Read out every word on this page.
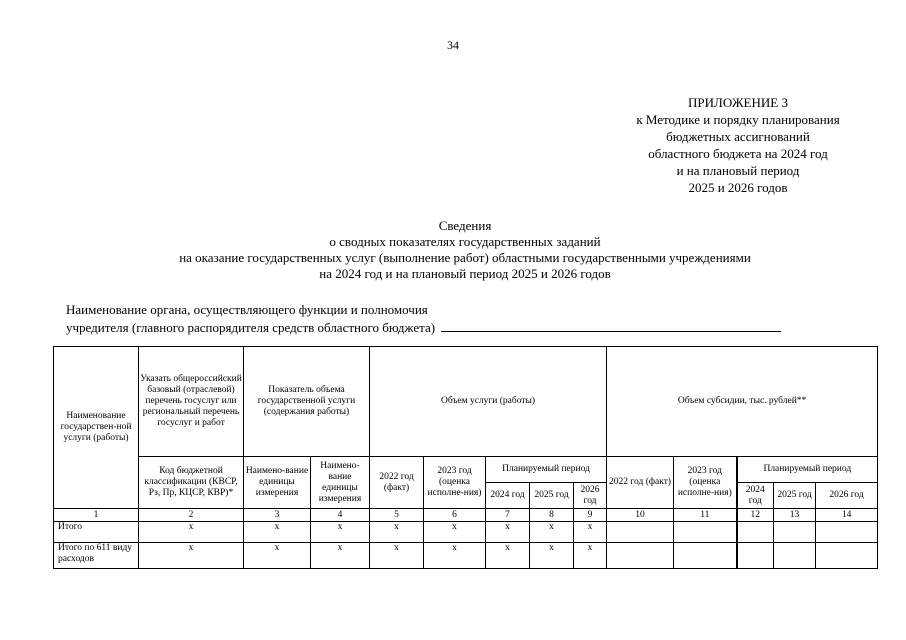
34
ПРИЛОЖЕНИЕ 3
к Методике и порядку планирования
бюджетных ассигнований
областного бюджета на 2024 год
и на плановый период
2025 и 2026 годов
Сведения
о сводных показателях государственных заданий
на оказание государственных услуг (выполнение работ) областными государственными учреждениями
на 2024 год и на плановый период 2025 и 2026 годов
Наименование органа, осуществляющего функции и полномочия
учредителя (главного распорядителя средств областного бюджета)
Наименование государствен-ной услуги (работы)	Указать общероссийский базовый (отраслевой) перечень госуслуг или региональный перечень госуслуг и работ	Показатель объема государственной услуги (содержания работы)		Объем услуги (работы)					Объем субсидии, тыс. рублей**				
	Код бюджетной классификации (КВСР, Рз, Пр, КЦСР, КВР)*	Наимено-вание единицы измерения	Наимено-вание единицы измерения	2022 год (факт)	2023 год (оценка исполне-ния)	Планируемый период			2022 год (факт)	2023 год (оценка исполне-ния)	Планируемый период		
						2024 год	2025 год	2026 год			2024 год	2025 год	2026 год
1	2	3	4	5	6	7	8	9	10	11	12	13	14
Итого	x	x	x	x	x	x	x	x					
Итого по 611 виду расходов	x	x	x	x	x	x	x	x					
